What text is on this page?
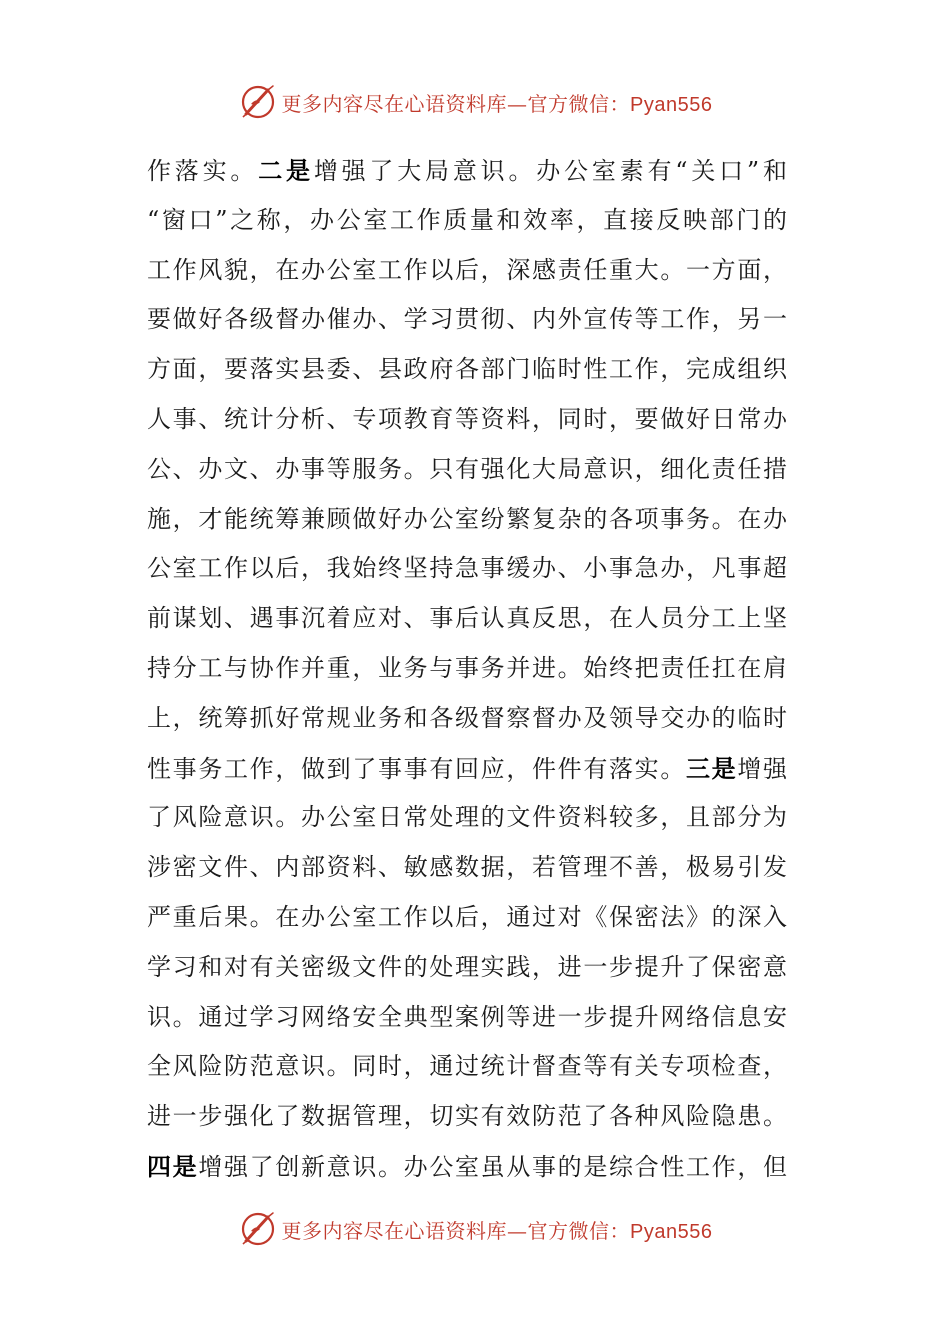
更多内容尽在心语资料库—官方微信：Pyan556
作落实。二是增强了大局意识。办公室素有“关口”和
“窗口”之称，办公室工作质量和效率，直接反映部门的
工作风貌，在办公室工作以后，深感责任重大。一方面，
要做好各级督办催办、学习贯彻、内外宣传等工作，另一
方面，要落实县委、县政府各部门临时性工作，完成组织
人事、统计分析、专项教育等资料，同时，要做好日常办
公、办文、办事等服务。只有强化大局意识，细化责任措
施，才能统筹兼顾做好办公室纷繁复杂的各项事务。在办
公室工作以后，我始终坚持急事缓办、小事急办，凡事超
前谋划、遇事沉着应对、事后认真反思，在人员分工上坚
持分工与协作并重，业务与事务并进。始终把责任扛在肩
上，统筹抓好常规业务和各级督察督办及领导交办的临时
性事务工作，做到了事事有回应，件件有落实。三是增强
了风险意识。办公室日常处理的文件资料较多，且部分为
涉密文件、内部资料、敏感数据，若管理不善，极易引发
严重后果。在办公室工作以后，通过对《保密法》的深入
学习和对有关密级文件的处理实践，进一步提升了保密意
识。通过学习网络安全典型案例等进一步提升网络信息安
全风险防范意识。同时，通过统计督查等有关专项检查，
进一步强化了数据管理，切实有效防范了各种风险隐患。
四是增强了创新意识。办公室虽从事的是综合性工作，但
更多内容尽在心语资料库—官方微信：Pyan556
